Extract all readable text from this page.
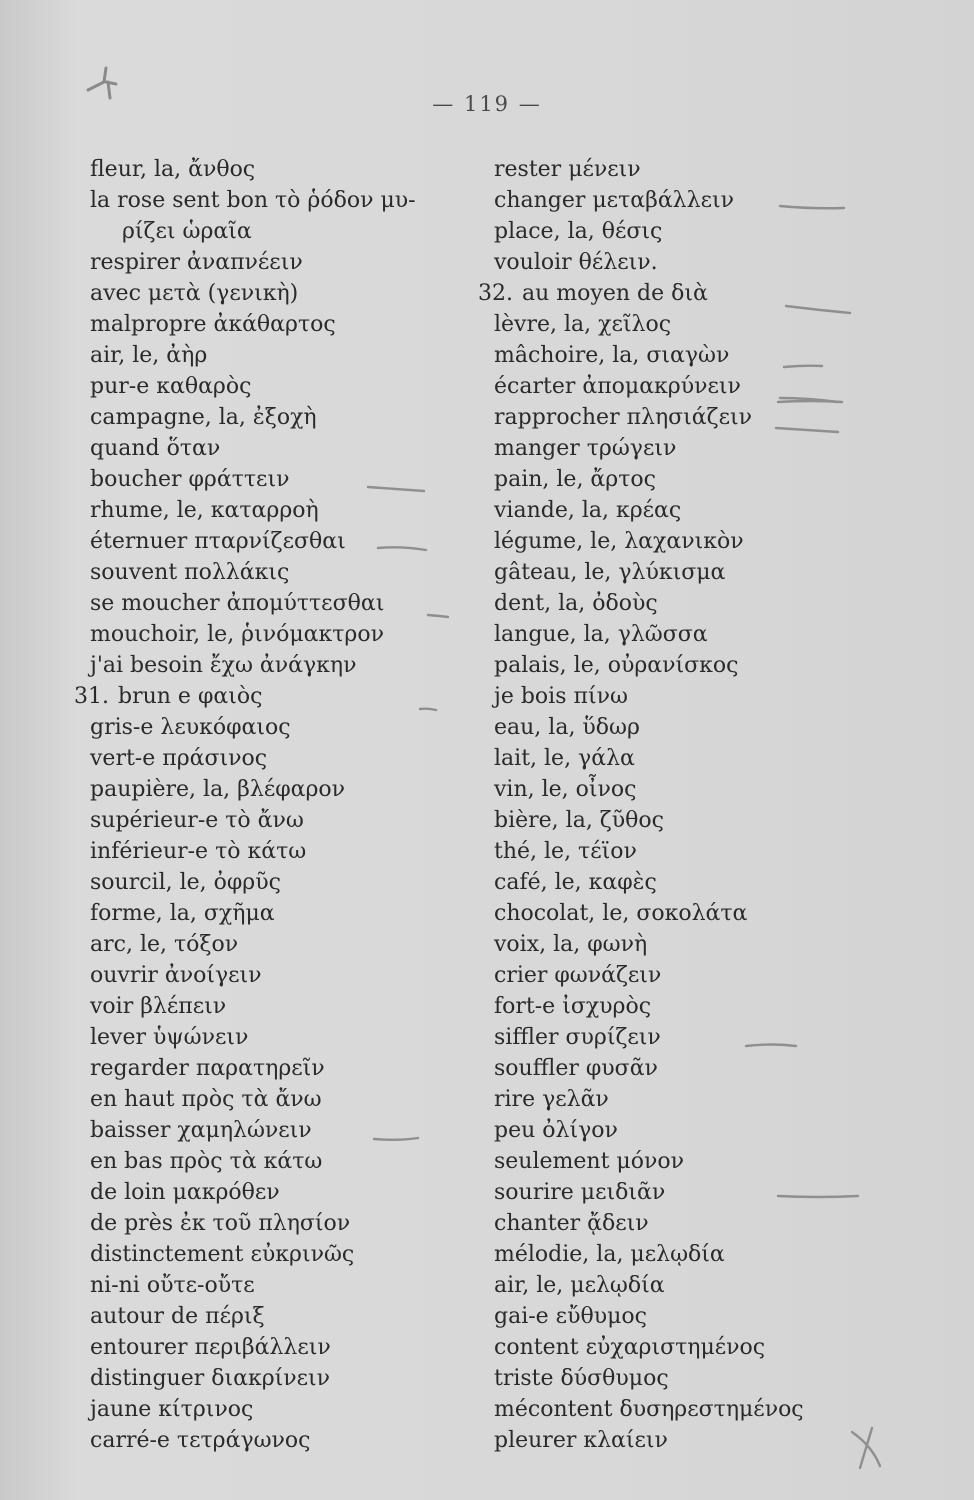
— 119 —
fleur, la, ἄνθος
la rose sent bon τὸ ῥόδον μυ-
ρίζει ὡραῖα
respirer ἀναπνέειν
avec μετὰ (γενικὴ)
malpropre ἀκάθαρτος
air, le, ἀὴρ
pur-e καθαρὸς
campagne, la, ἐξοχὴ
quand ὅταν
boucher φράττειν
rhume, le, καταρροὴ
éternuer πταρνίζεσθαι
souvent πολλάκις
se moucher ἀπομύττεσθαι
mouchoir, le, ῥινόμακτρον
j'ai besoin ἔχω ἀνάγκην
31. brun e φαιὸς
gris-e λευκόφαιος
vert-e πράσινος
paupière, la, βλέφαρον
supérieur-e τὸ ἄνω
inférieur-e τὸ κάτω
sourcil, le, ὀφρῦς
forme, la, σχῆμα
arc, le, τόξον
ouvrir ἀνοίγειν
voir βλέπειν
lever ὑψώνειν
regarder παρατηρεῖν
en haut πρὸς τὰ ἄνω
baisser χαμηλώνειν
en bas πρὸς τὰ κάτω
de loin μακρόθεν
de près ἐκ τοῦ πλησίον
distinctement εὐκρινῶς
ni-ni οὔτε-οὔτε
autour de πέριξ
entourer περιβάλλειν
distinguer διακρίνειν
jaune κίτρινος
carré-e τετράγωνος
rester μένειν
changer μεταβάλλειν
place, la, θέσις
vouloir θέλειν.
32. au moyen de διὰ
lèvre, la, χεῖλος
mâchoire, la, σιαγὼν
écarter ἀπομακρύνειν
rapprocher πλησιάζειν
manger τρώγειν
pain, le, ἄρτος
viande, la, κρέας
légume, le, λαχανικὸν
gâteau, le, γλύκισμα
dent, la, ὀδοὺς
langue, la, γλῶσσα
palais, le, οὐρανίσκος
je bois πίνω
eau, la, ὕδωρ
lait, le, γάλα
vin, le, οἶνος
bière, la, ζῦθος
thé, le, τέϊον
café, le, καφὲς
chocolat, le, σοκολάτα
voix, la, φωνὴ
crier φωνάζειν
fort-e ἰσχυρὸς
siffler συρίζειν
souffler φυσᾶν
rire γελᾶν
peu ὀλίγον
seulement μόνον
sourire μειδιᾶν
chanter ᾄδειν
mélodie, la, μελῳδία
air, le, μελῳδία
gai-e εὔθυμος
content εὐχαριστημένος
triste δύσθυμος
mécontent δυσηρεστημένος
pleurer κλαίειν
